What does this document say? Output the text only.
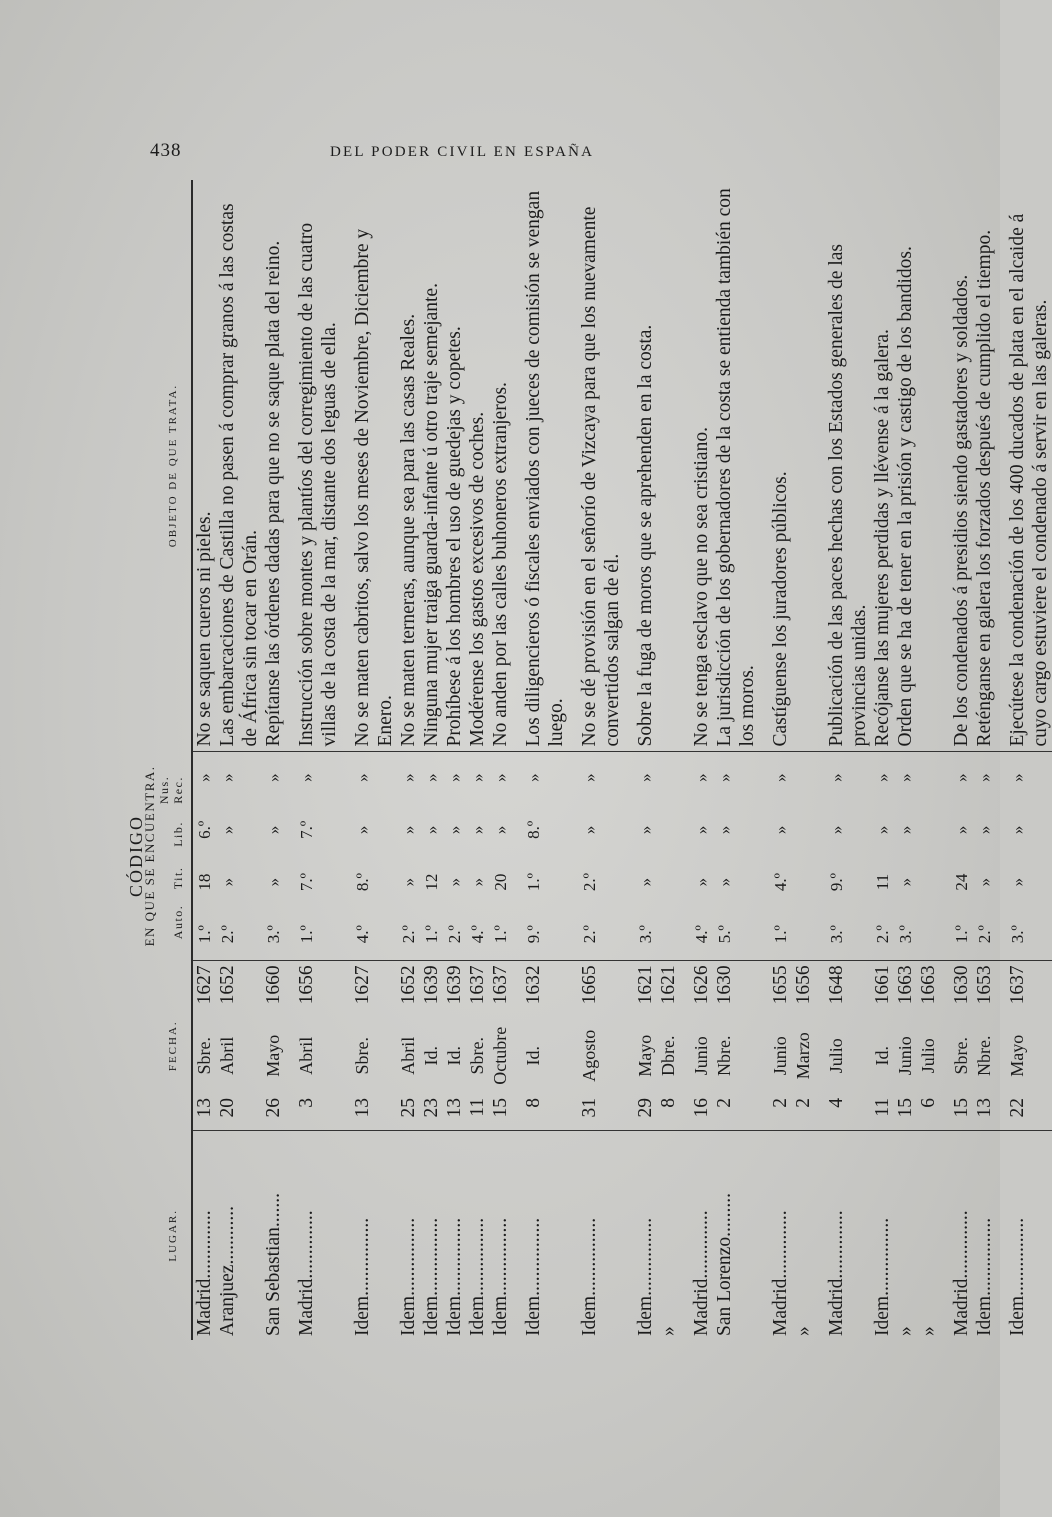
438	DEL PODER CIVIL EN ESPAÑA
LUGAR.	FECHA.			CÓDIGO
EN QUE SE ENCUENTRA. Auto.Tit.Lib.Nus. Rec.				OBJETO DE QUE TRATA.
Madrid..............	13	Sbre.	1627	1.º	18	6.º	»	No se saquen cueros ni pieles.
Aranjuez............	20	Abril	1652	2.º	»	»	»	Las embarcaciones de Castilla no pasen á comprar granos á las costas de África sin tocar en Orán.
San Sebastian.......	26	Mayo	1660	3.º	»	»	»	Repítanse las órdenes dadas para que no se saque plata del reino.
Madrid..............	3	Abril	1656	1.º	7.º	7.º	»	Instrucción sobre montes y plantíos del corregimiento de las cuatro villas de la costa de la mar, distante dos leguas de ella.
Idem................	13	Sbre.	1627	4.º	8.º	»	»	No se maten cabritos, salvo los meses de Noviembre, Diciembre y Enero.
Idem................	25	Abril	1652	2.º	»	»	»	No se maten terneras, aunque sea para las casas Reales.
Idem................	23	Id.	1639	1.º	12	»	»	Ninguna mujer traiga guarda-infante ú otro traje semejante.
Idem................	13	Id.	1639	2.º	»	»	»	Prohíbese á los hombres el uso de guedejas y copetes.
Idem................	11	Sbre.	1637	4.º	»	»	»	Modérense los gastos excesivos de coches.
Idem................	15	Octubre	1637	1.º	20	»	»	No anden por las calles buhoneros extranjeros.
Idem................	8	Id.	1632	9.º	1.º	8.º	»	Los diligencieros ó fiscales enviados con jueces de comisión se vengan luego.
Idem................	31	Agosto	1665	2.º	2.º	»	»	No se dé provisión en el señorío de Vizcaya para que los nuevamente convertidos salgan de él.
Idem................	29	Mayo	1621	3.º	»	»	»	Sobre la fuga de moros que se aprehenden en la costa.
»	8	Dbre.	1621					
Madrid..............	16	Junio	1626	4.º	»	»	»	No se tenga esclavo que no sea cristiano.
San Lorenzo.........	2	Nbre.	1630	5.º	»	»	»	La jurisdicción de los gobernadores de la costa se entienda también con los moros.
Madrid..............	2	Junio	1655	1.º	4.º	»	»	Castíguense los juradores públicos.
»	2	Marzo	1656					
Madrid..............	4	Julio	1648	3.º	9.º	»	»	Publicación de las paces hechas con los Estados generales de las provincias unidas.
Idem................	11	Id.	1661	2.º	11	»	»	Recójanse las mujeres perdidas y llévense á la galera.
»	15	Junio	1663	3.º	»	»	»	Orden que se ha de tener en la prisión y castigo de los bandidos.
»	6	Julio	1663					
Madrid..............	15	Sbre.	1630	1.º	24	»	»	De los condenados á presidios siendo gastadores y soldados.
Idem................	13	Nbre.	1653	2.º	»	»	»	Reténganse en galera los forzados después de cumplido el tiempo.
Idem................	22	Mayo	1637	3.º	»	»	»	Ejecútese la condenación de los 400 ducados de plata en el alcaide á cuyo cargo estuviere el condenado á servir en las galeras.
